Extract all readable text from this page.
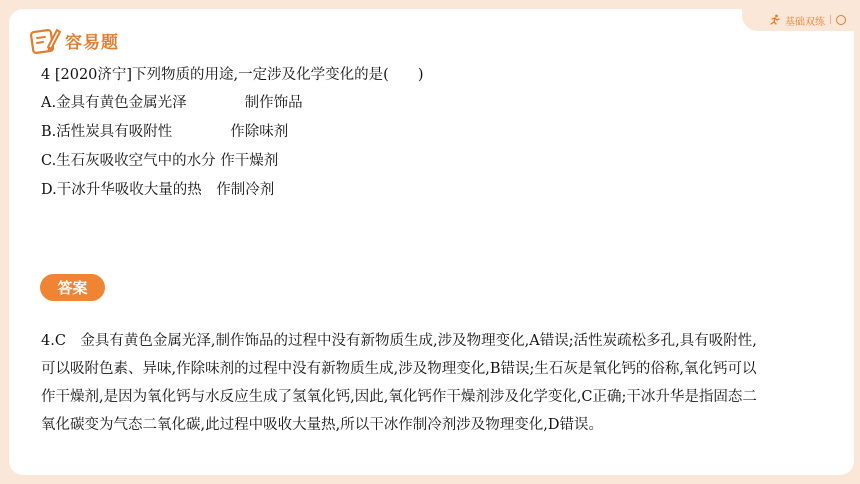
基础双练 |
容易题
4 [2020济宁]下列物质的用途,一定涉及化学变化的是(　　)
A.金具有黄色金属光泽　　　　制作饰品
B.活性炭具有吸附性　　　　作除味剂
C.生石灰吸收空气中的水分 作干燥剂
D.干冰升华吸收大量的热　作制冷剂
答案
4.C　金具有黄色金属光泽,制作饰品的过程中没有新物质生成,涉及物理变化,A错误;活性炭疏松多孔,具有吸附性,
可以吸附色素、异味,作除味剂的过程中没有新物质生成,涉及物理变化,B错误;生石灰是氧化钙的俗称,氧化钙可以
作干燥剂,是因为氧化钙与水反应生成了氢氧化钙,因此,氧化钙作干燥剂涉及化学变化,C正确;干冰升华是指固态二
氧化碳变为气态二氧化碳,此过程中吸收大量热,所以干冰作制冷剂涉及物理变化,D错误。
